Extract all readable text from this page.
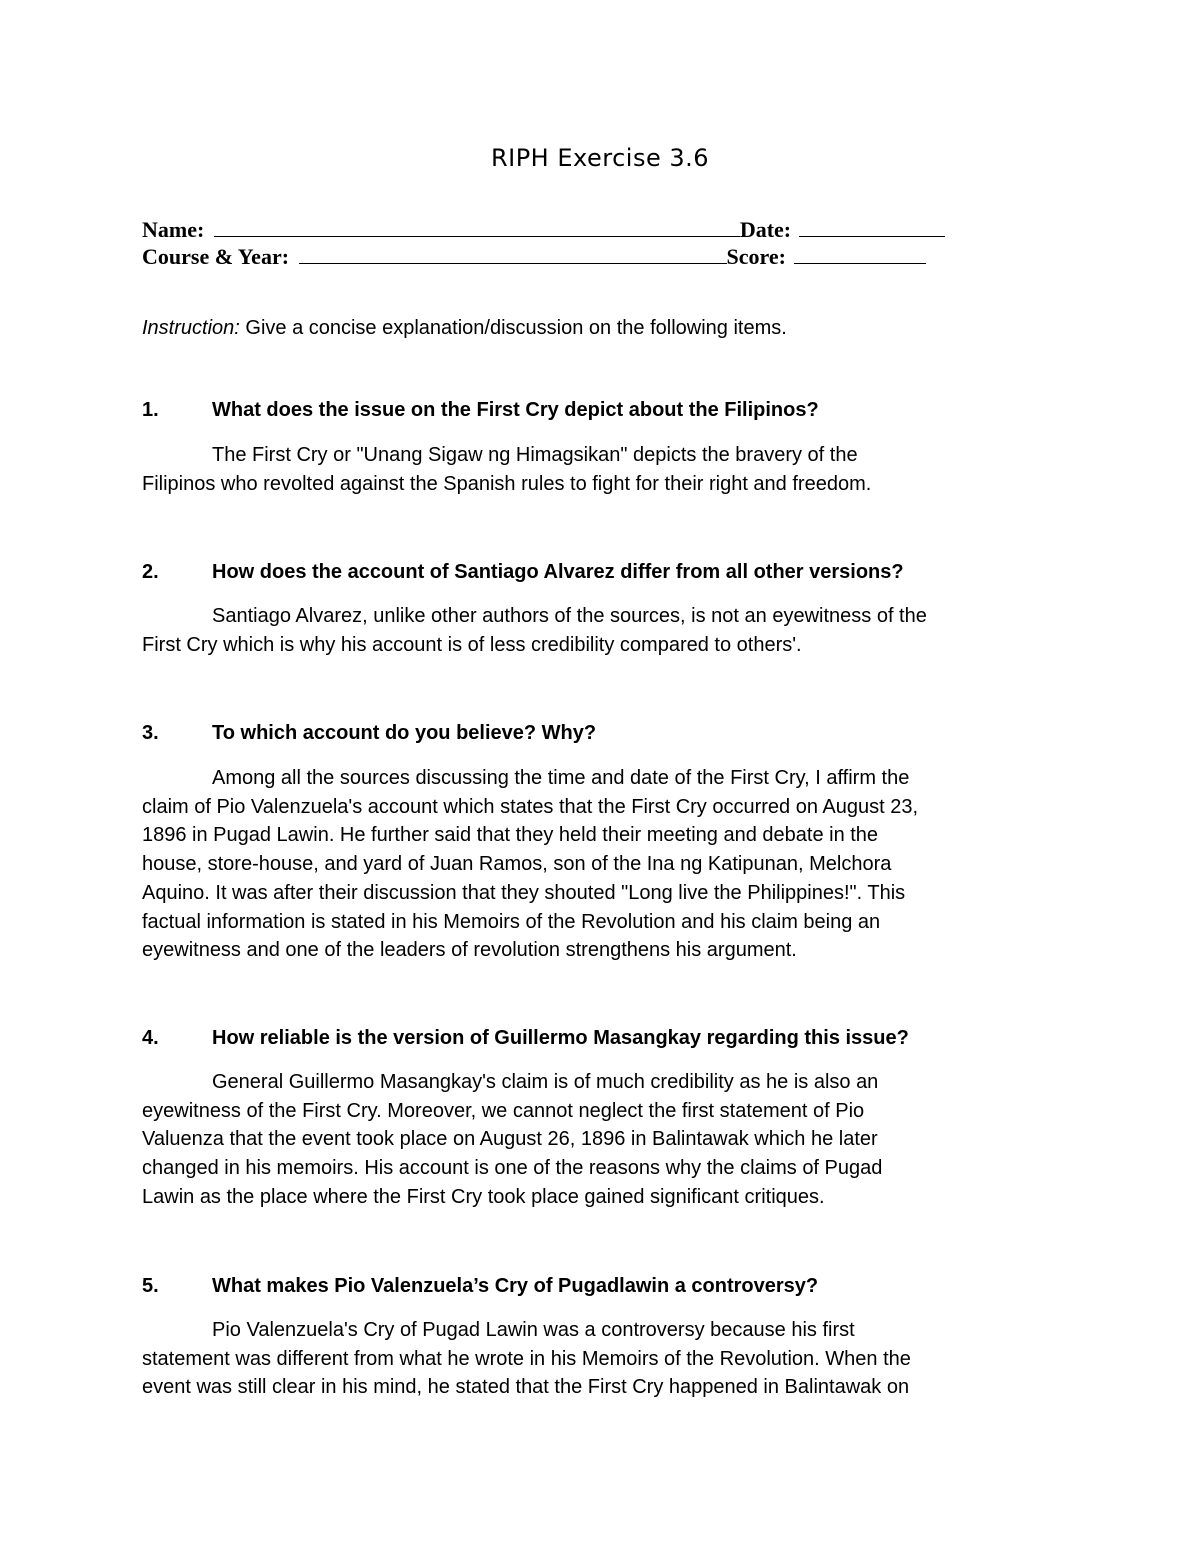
RIPH Exercise 3.6
Name:	Date:
Course & Year:	Score:
Instruction: Give a concise explanation/discussion on the following items.
1.	What does the issue on the First Cry depict about the Filipinos?
The First Cry or "Unang Sigaw ng Himagsikan" depicts the bravery of the
Filipinos who revolted against the Spanish rules to fight for their right and freedom.
2.	How does the account of Santiago Alvarez differ from all other versions?
Santiago Alvarez, unlike other authors of the sources, is not an eyewitness of the
First Cry which is why his account is of less credibility compared to others'.
3.	To which account do you believe? Why?
Among all the sources discussing the time and date of the First Cry, I affirm the
claim of Pio Valenzuela's account which states that the First Cry occurred on August 23,
1896 in Pugad Lawin. He further said that they held their meeting and debate in the
house, store-house, and yard of Juan Ramos, son of the Ina ng Katipunan, Melchora
Aquino. It was after their discussion that they shouted "Long live the Philippines!". This
factual information is stated in his Memoirs of the Revolution and his claim being an
eyewitness and one of the leaders of revolution strengthens his argument.
4.	How reliable is the version of Guillermo Masangkay regarding this issue?
General Guillermo Masangkay's claim is of much credibility as he is also an
eyewitness of the First Cry. Moreover, we cannot neglect the first statement of Pio
Valuenza that the event took place on August 26, 1896 in Balintawak which he later
changed in his memoirs. His account is one of the reasons why the claims of Pugad
Lawin as the place where the First Cry took place gained significant critiques.
5.	What makes Pio Valenzuela’s Cry of Pugadlawin a controversy?
Pio Valenzuela's Cry of Pugad Lawin was a controversy because his first
statement was different from what he wrote in his Memoirs of the Revolution. When the
event was still clear in his mind, he stated that the First Cry happened in Balintawak on
